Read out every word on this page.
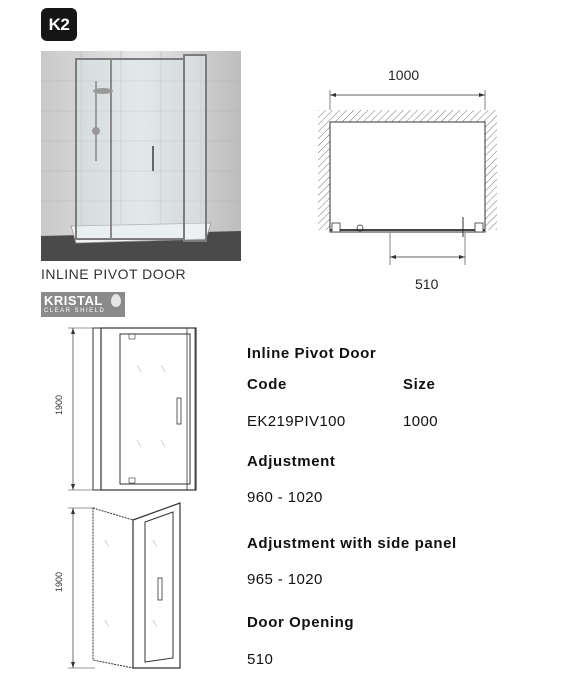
K2
INLINE PIVOT DOOR
KRISTAL
CLEAR SHIELD
1000
510
1900
1900
Inline Pivot Door
Code	Size
EK219PIV100	1000
Adjustment
960 - 1020
Adjustment with side panel
965 - 1020
Door Opening
510
